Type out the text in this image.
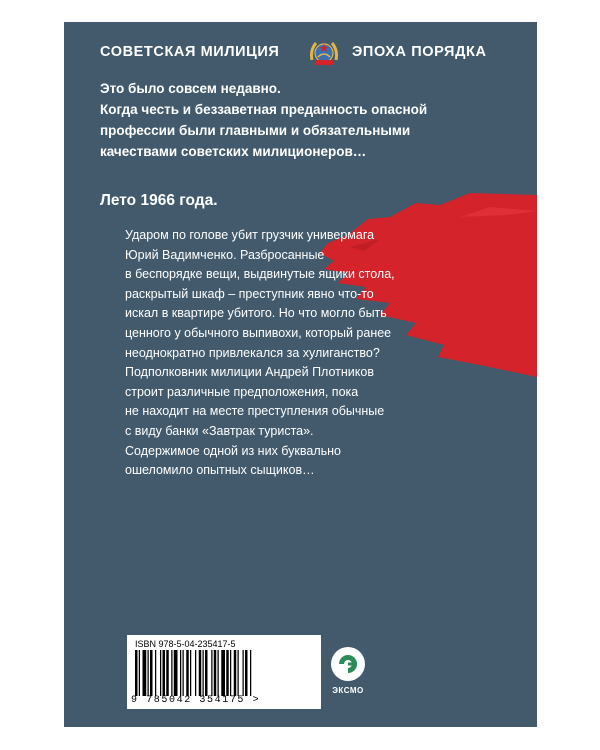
СОВЕТСКАЯ МИЛИЦИЯ	ЭПОХА ПОРЯДКА
Это было совсем недавно.
Когда честь и беззаветная преданность опасной
профессии были главными и обязательными
качествами советских милиционеров…
Лето 1966 года.
Ударом по голове убит грузчик универмага
Юрий Вадимченко. Разбросанные
в беспорядке вещи, выдвинутые ящики стола,
раскрытый шкаф – преступник явно что-то
искал в квартире убитого. Но что могло быть
ценного у обычного выпивохи, который ранее
неоднократно привлекался за хулиганство?
Подполковник милиции Андрей Плотников
строит различные предположения, пока
не находит на месте преступления обычные
с виду банки «Завтрак туриста».
Содержимое одной из них буквально
ошеломило опытных сыщиков…
ISBN 978-5-04-235417-5
9 785042 354175 >
ЭКСМО
